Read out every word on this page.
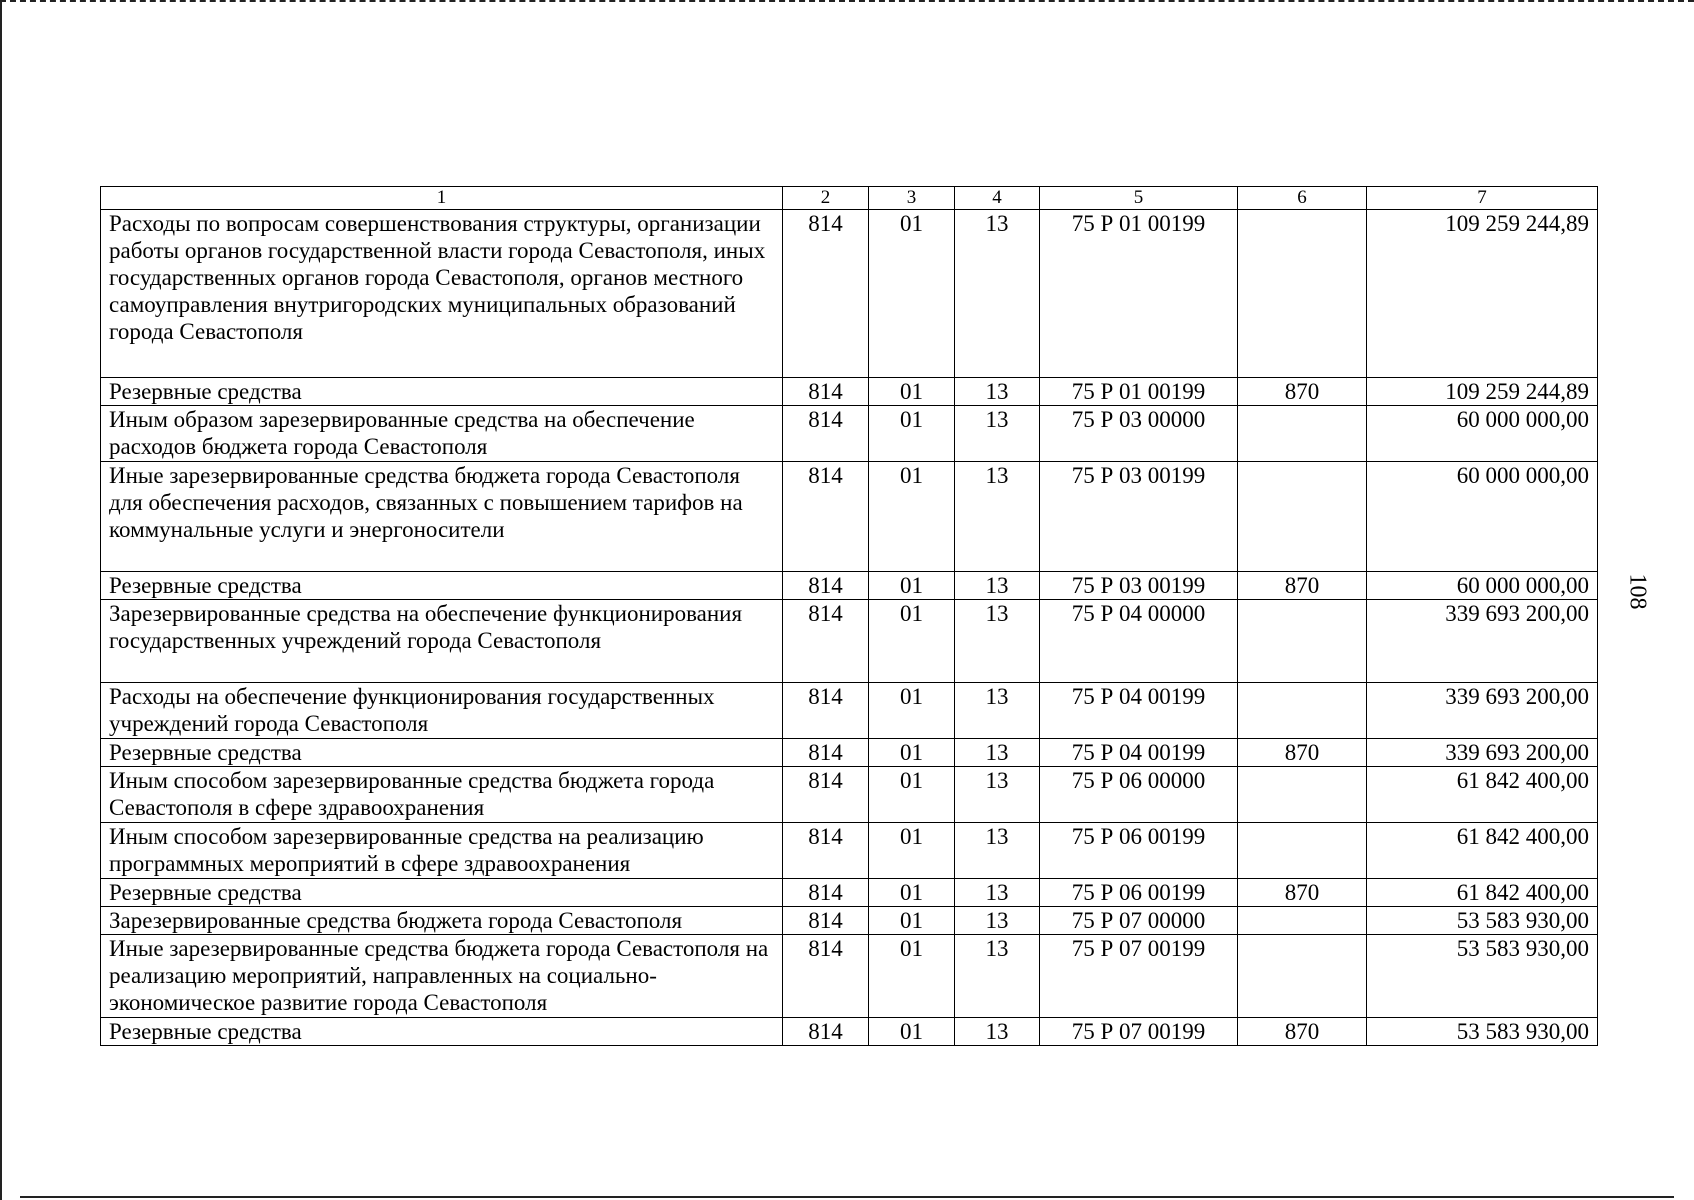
108
1	2	3	4	5	6	7
Расходы по вопросам совершенствования структуры, организации работы органов государственной власти города Севастополя, иных государственных органов города Севастополя, органов местного самоуправления внутригородских муниципальных образований города Севастополя	814	01	13	75 Р 01 00199		109 259 244,89
Резервные средства	814	01	13	75 Р 01 00199	870	109 259 244,89
Иным образом зарезервированные средства на обеспечение расходов бюджета города Севастополя	814	01	13	75 Р 03 00000		60 000 000,00
Иные зарезервированные средства бюджета города Севастополя для обеспечения расходов, связанных с повышением тарифов на коммунальные услуги и энергоносители	814	01	13	75 Р 03 00199		60 000 000,00
Резервные средства	814	01	13	75 Р 03 00199	870	60 000 000,00
Зарезервированные средства на обеспечение функционирования государственных учреждений города Севастополя	814	01	13	75 Р 04 00000		339 693 200,00
Расходы на обеспечение функционирования государственных учреждений города Севастополя	814	01	13	75 Р 04 00199		339 693 200,00
Резервные средства	814	01	13	75 Р 04 00199	870	339 693 200,00
Иным способом зарезервированные средства бюджета города Севастополя в сфере здравоохранения	814	01	13	75 Р 06 00000		61 842 400,00
Иным способом зарезервированные средства на реализацию программных мероприятий в сфере здравоохранения	814	01	13	75 Р 06 00199		61 842 400,00
Резервные средства	814	01	13	75 Р 06 00199	870	61 842 400,00
Зарезервированные средства бюджета города Севастополя	814	01	13	75 Р 07 00000		53 583 930,00
Иные зарезервированные средства бюджета города Севастополя на реализацию мероприятий, направленных на социально-экономическое развитие города Севастополя	814	01	13	75 Р 07 00199		53 583 930,00
Резервные средства	814	01	13	75 Р 07 00199	870	53 583 930,00
